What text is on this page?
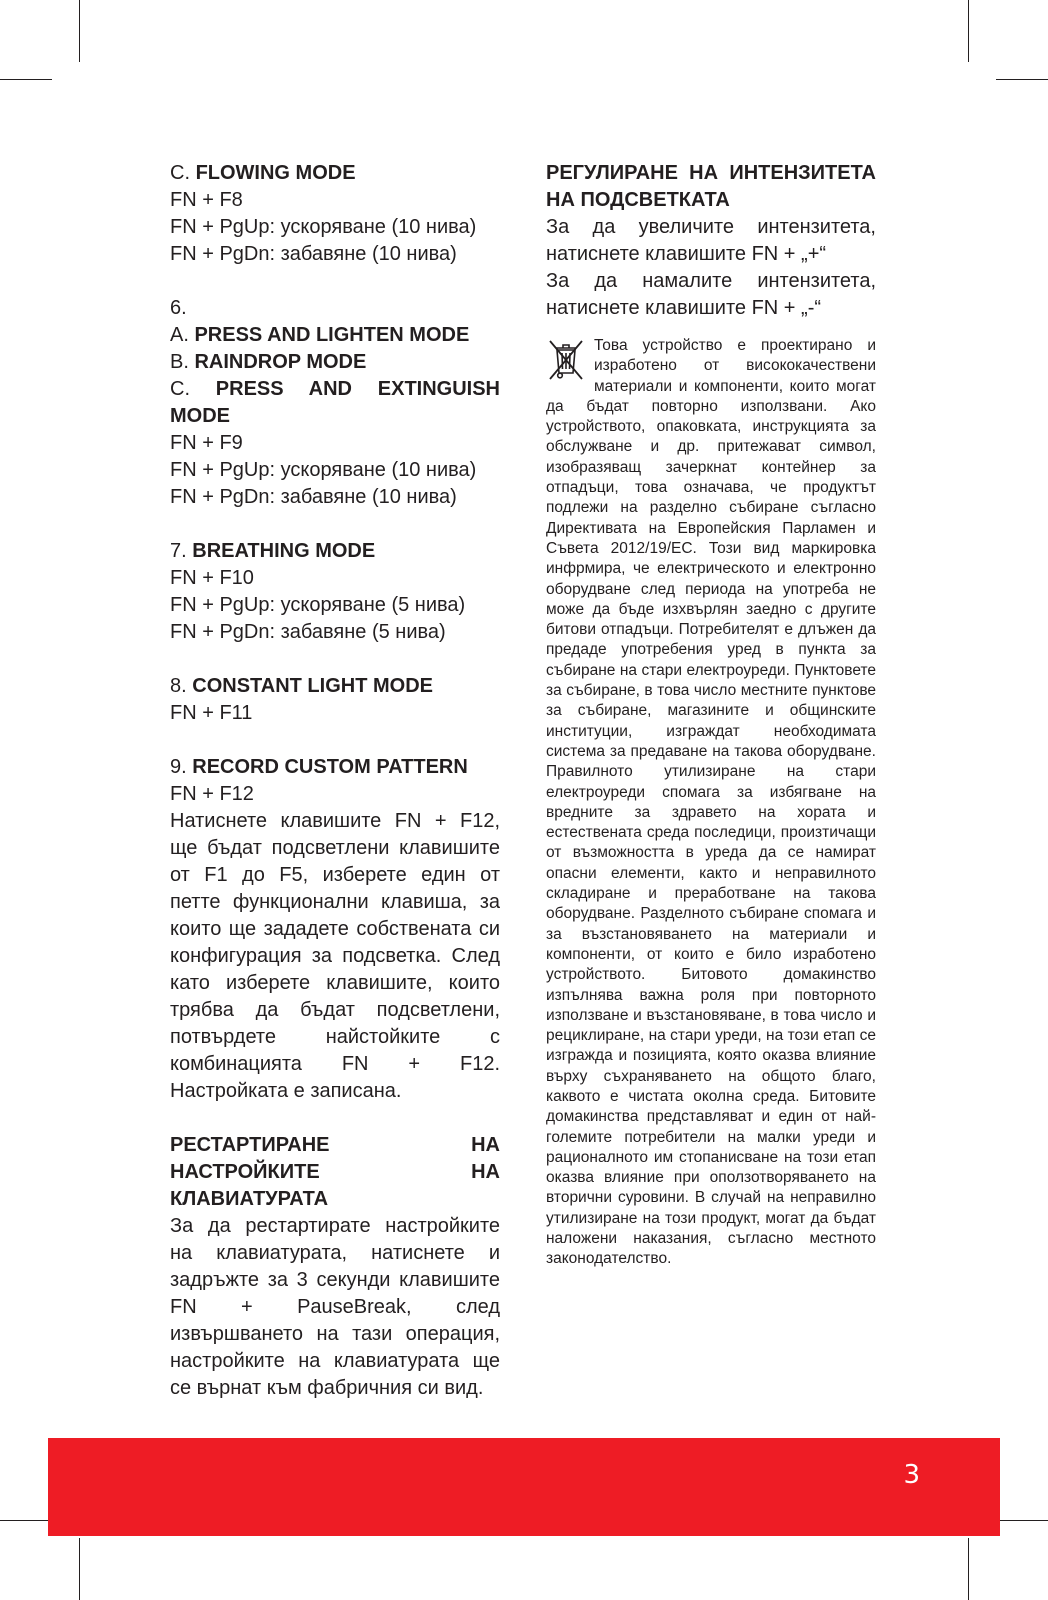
C. FLOWING MODE
FN + F8
FN + PgUp: ускоряване (10 нива)
FN + PgDn: забавяне (10 нива)
6.
A. PRESS AND LIGHTEN MODE
B. RAINDROP MODE
C. PRESS AND EXTINGUISH MODE
FN + F9
FN + PgUp: ускоряване (10 нива)
FN + PgDn: забавяне (10 нива)
7. BREATHING MODE
FN + F10
FN + PgUp: ускоряване (5 нива)
FN + PgDn: забавяне (5 нива)
8. CONSTANT LIGHT MODE
FN + F11
9. RECORD CUSTOM PATTERN
FN + F12
Натиснете клавишите FN + F12, ще бъдат подсветлени клавишите от F1 до F5, изберете един от петте функционални клавиша, за които ще зададете собствената си конфигурация за подсветка. След като изберете клавишите, които трябва да бъдат подсветлени, потвърдете найстойките с комбинацията FN + F12. Настройката е записана.
РЕСТАРТИРАНЕ НА НАСТРОЙКИТЕ НА КЛАВИАТУРАТА
За да рестартирате настройките на клавиатурата, натиснете и задръжте за 3 секунди клавишите FN + PauseBreak, след извършването на тази операция, настройките на клавиатурата ще се върнат към фабричния си вид.
РЕГУЛИРАНЕ НА ИНТЕНЗИТЕТА НА ПОДСВЕТКАТА
За да увеличите интензитета, натиснете клавишите FN + „+“
За да намалите интензитета, натиснете клавишите FN + „-“
Това устройство е проектирано и изработено от висококачествени материали и компоненти, които могат да бъдат повторно използвани. Ако устройството, опаковката, инструкцията за обслужване и др. притежават символ, изобразяващ зачеркнат контейнер за отпадъци, това означава, че продуктът подлежи на разделно събиране съгласно Директивата на Европейския Парламен и Съвета 2012/19/ЕС. Този вид маркировка инфрмира, че електрическото и електронно оборудване след периода на употреба не може да бъде изхвърлян заедно с другите битови отпадъци. Потребителят е длъжен да предаде употребения уред в пункта за събиране на стари електроуреди. Пунктовете за събиране, в това число местните пунктове за събиране, магазините и общинските институции, изграждат необходимата система за предаване на такова оборудване. Правилното утилизиране на стари електроуреди спомага за избягване на вредните за здравето на хората и естествената среда последици, произтичащи от възможността в уреда да се намират опасни елементи, както и неправилното складиране и преработване на такова оборудване. Разделното събиране спомага и за възстановяването на материали и компоненти, от които е било изработено устройството. Битовото домакинство изпълнява важна роля при повторното използване и възстановяване, в това число и рециклиране, на стари уреди, на този етап се изгражда и позицията, която оказва влияние върху съхраняването на общото благо, каквото е чистата околна среда. Битовите домакинства представляват и един от най-големите потребители на малки уреди и рационалното им стопанисване на този етап оказва влияние при оползотворяването на вторични суровини. В случай на неправилно утилизиране на този продукт, могат да бъдат наложени наказания, съгласно местното законодателство.
3
